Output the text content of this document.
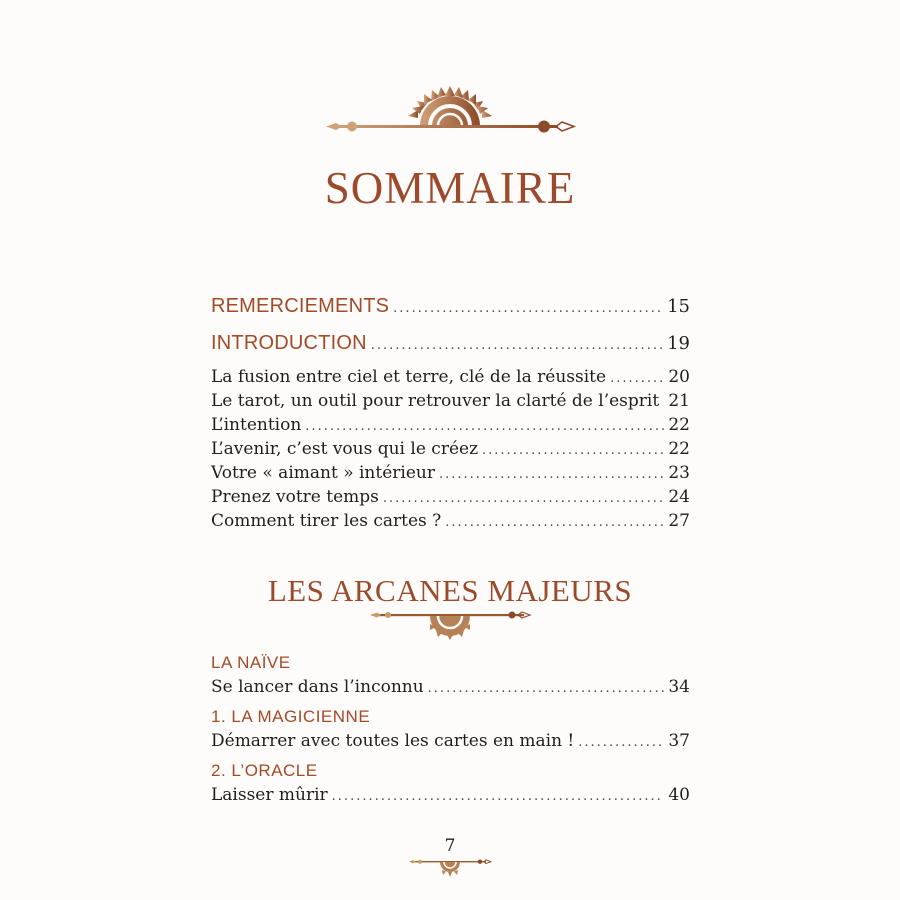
SOMMAIRE
REMERCIEMENTS .....	15
INTRODUCTION .....	19
La fusion entre ciel et terre, clé de la réussite .....	20
Le tarot, un outil pour retrouver la clarté de l’esprit 21
L’intention .....	22
L’avenir, c’est vous qui le créez .....	22
Votre « aimant » intérieur .....	23
Prenez votre temps .....	24
Comment tirer les cartes ? .....	27
LES ARCANES MAJEURS
LA NAÏVE
Se lancer dans l’inconnu .....	34
1. LA MAGICIENNE
Démarrer avec toutes les cartes en main ! .....	37
2. L’ORACLE
Laisser mûrir .....	40
7
